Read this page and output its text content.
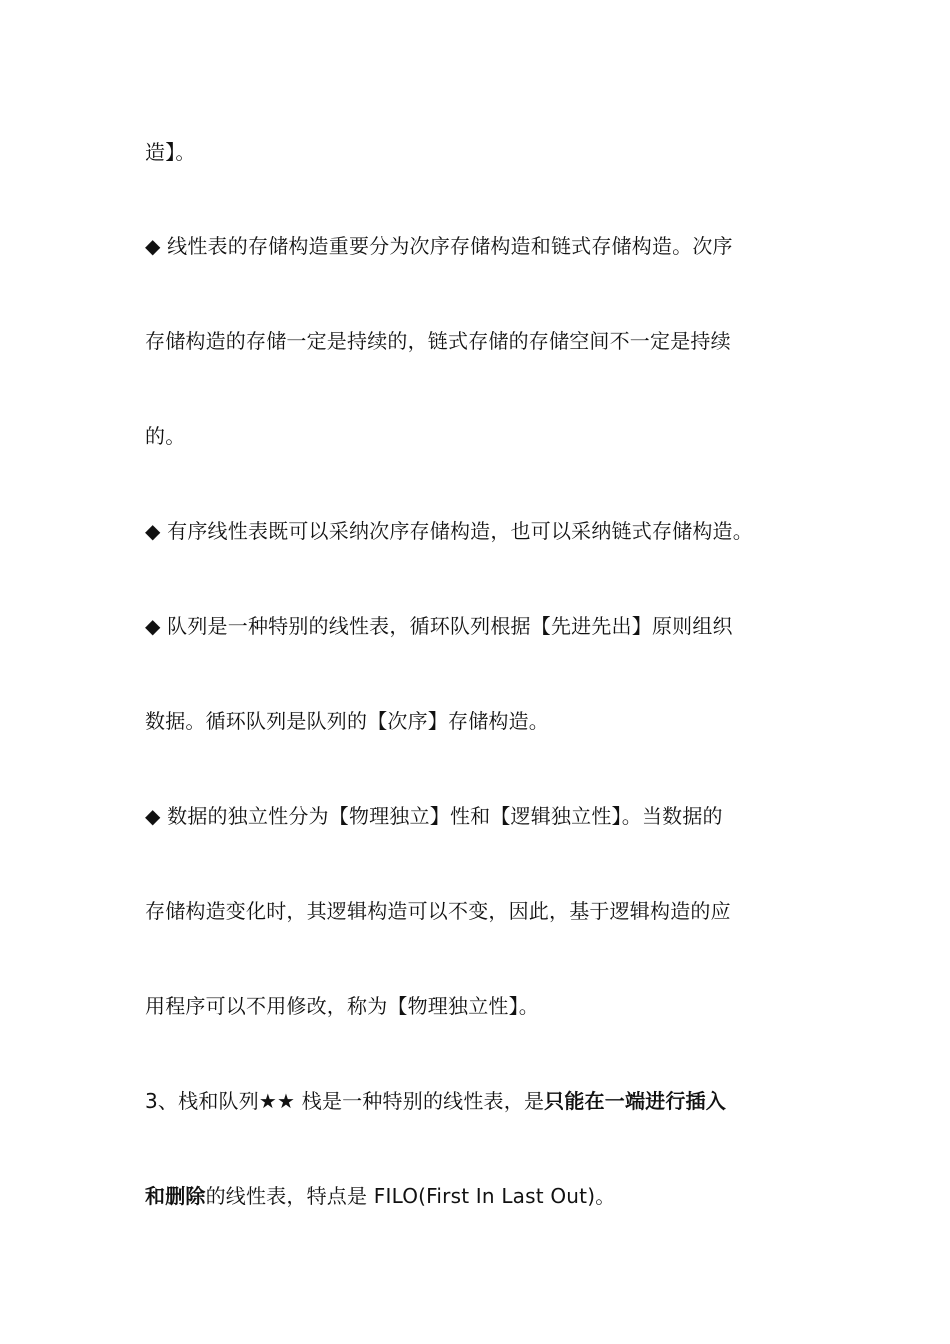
造】。
◆ 线性表的存储构造重要分为次序存储构造和链式存储构造。次序
存储构造的存储一定是持续的，链式存储的存储空间不一定是持续
的。
◆ 有序线性表既可以采纳次序存储构造，也可以采纳链式存储构造。
◆ 队列是一种特别的线性表，循环队列根据【先进先出】原则组织
数据。循环队列是队列的【次序】存储构造。
◆ 数据的独立性分为【物理独立】性和【逻辑独立性】。当数据的
存储构造变化时，其逻辑构造可以不变，因此，基于逻辑构造的应
用程序可以不用修改，称为【物理独立性】。
3、栈和队列★★ 栈是一种特别的线性表，是只能在一端进行插入
和删除的线性表，特点是 FILO(First In Last Out)。
